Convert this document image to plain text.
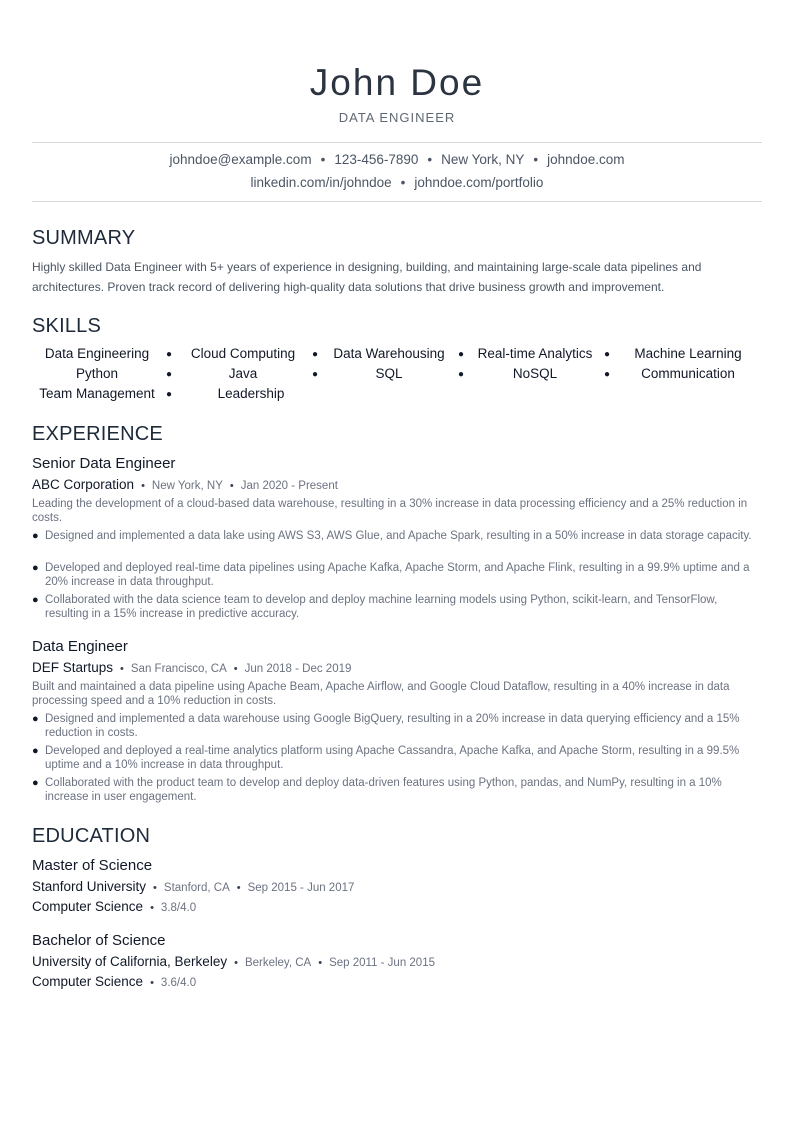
John Doe
DATA ENGINEER
johndoe@example.com • 123-456-7890 • New York, NY • johndoe.com
linkedin.com/in/johndoe • johndoe.com/portfolio
SUMMARY
Highly skilled Data Engineer with 5+ years of experience in designing, building, and maintaining large-scale data pipelines and architectures. Proven track record of delivering high-quality data solutions that drive business growth and improvement.
SKILLS
Data Engineering	●	Cloud Computing	●	Data Warehousing	●	Real-time Analytics	●	Machine Learning
Python	●	Java	●	SQL	●	NoSQL	●	Communication
Team Management	●	Leadership
EXPERIENCE
Senior Data Engineer
ABC Corporation • New York, NY • Jan 2020 - Present
Leading the development of a cloud-based data warehouse, resulting in a 30% increase in data processing efficiency and a 25% reduction in costs.
● Designed and implemented a data lake using AWS S3, AWS Glue, and Apache Spark, resulting in a 50% increase in data storage capacity.
● Developed and deployed real-time data pipelines using Apache Kafka, Apache Storm, and Apache Flink, resulting in a 99.9% uptime and a 20% increase in data throughput.
● Collaborated with the data science team to develop and deploy machine learning models using Python, scikit-learn, and TensorFlow, resulting in a 15% increase in predictive accuracy.
Data Engineer
DEF Startups • San Francisco, CA • Jun 2018 - Dec 2019
Built and maintained a data pipeline using Apache Beam, Apache Airflow, and Google Cloud Dataflow, resulting in a 40% increase in data processing speed and a 10% reduction in costs.
● Designed and implemented a data warehouse using Google BigQuery, resulting in a 20% increase in data querying efficiency and a 15% reduction in costs.
● Developed and deployed a real-time analytics platform using Apache Cassandra, Apache Kafka, and Apache Storm, resulting in a 99.5% uptime and a 10% increase in data throughput.
● Collaborated with the product team to develop and deploy data-driven features using Python, pandas, and NumPy, resulting in a 10% increase in user engagement.
EDUCATION
Master of Science
Stanford University • Stanford, CA • Sep 2015 - Jun 2017
Computer Science • 3.8/4.0
Bachelor of Science
University of California, Berkeley • Berkeley, CA • Sep 2011 - Jun 2015
Computer Science • 3.6/4.0
